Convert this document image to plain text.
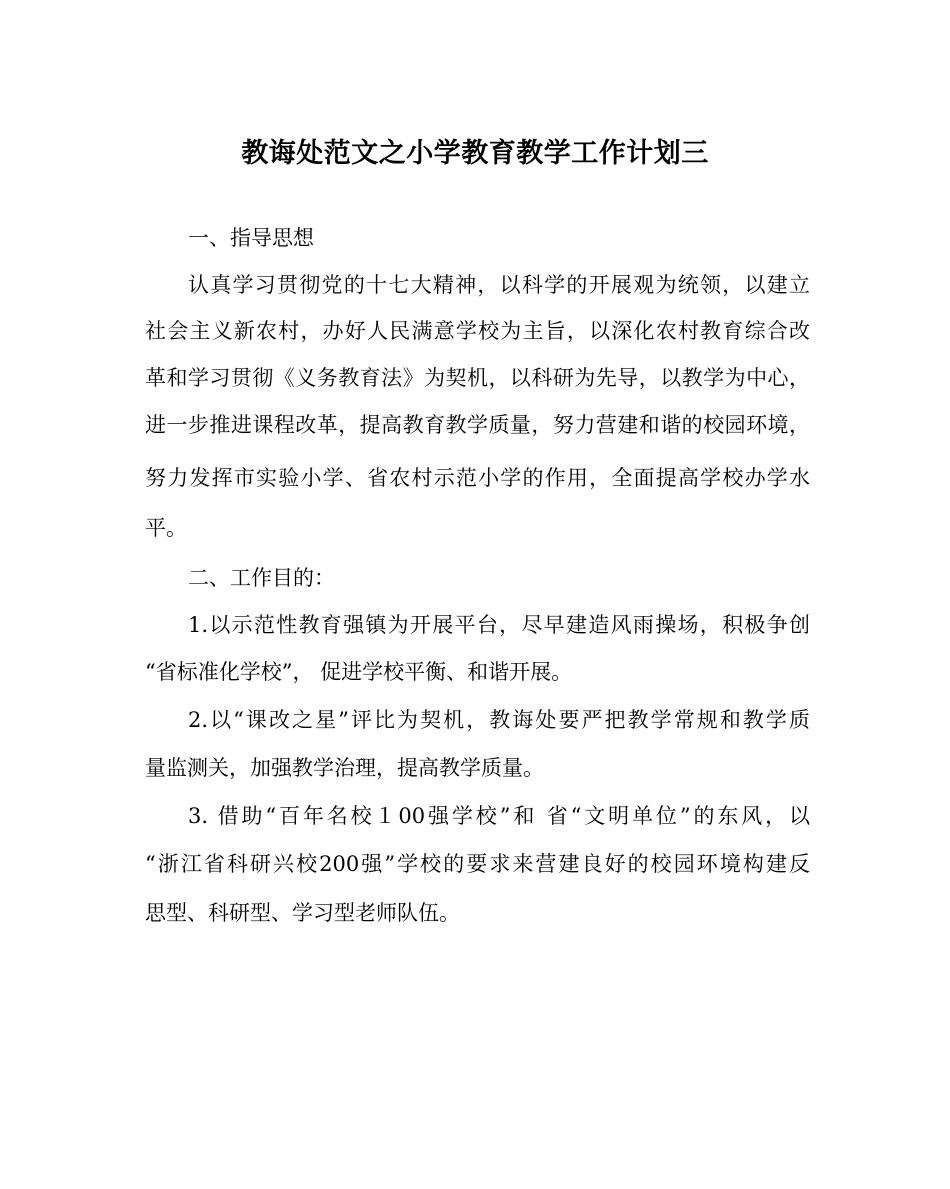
教诲处范文之小学教育教学工作计划三
一、指导思想
认真学习贯彻党的十七大精神，以科学的开展观为统领，以建立
社会主义新农村，办好人民满意学校为主旨，以深化农村教育综合改
革和学习贯彻《义务教育法》为契机，以科研为先导，以教学为中心，
进一步推进课程改革，提高教育教学质量，努力营建和谐的校园环境，
努力发挥市实验小学、省农村示范小学的作用，全面提高学校办学水
平。
二、工作目的：
1.以示范性教育强镇为开展平台，尽早建造风雨操场，积极争创
“省标准化学校”， 促进学校平衡、和谐开展。
2.以“课改之星”评比为契机，教诲处要严把教学常规和教学质
量监测关，加强教学治理，提高教学质量。
3. 借助“百年名校１00强学校”和 省“文明单位”的东风，以
“浙江省科研兴校200强”学校的要求来营建良好的校园环境构建反
思型、科研型、学习型老师队伍。
